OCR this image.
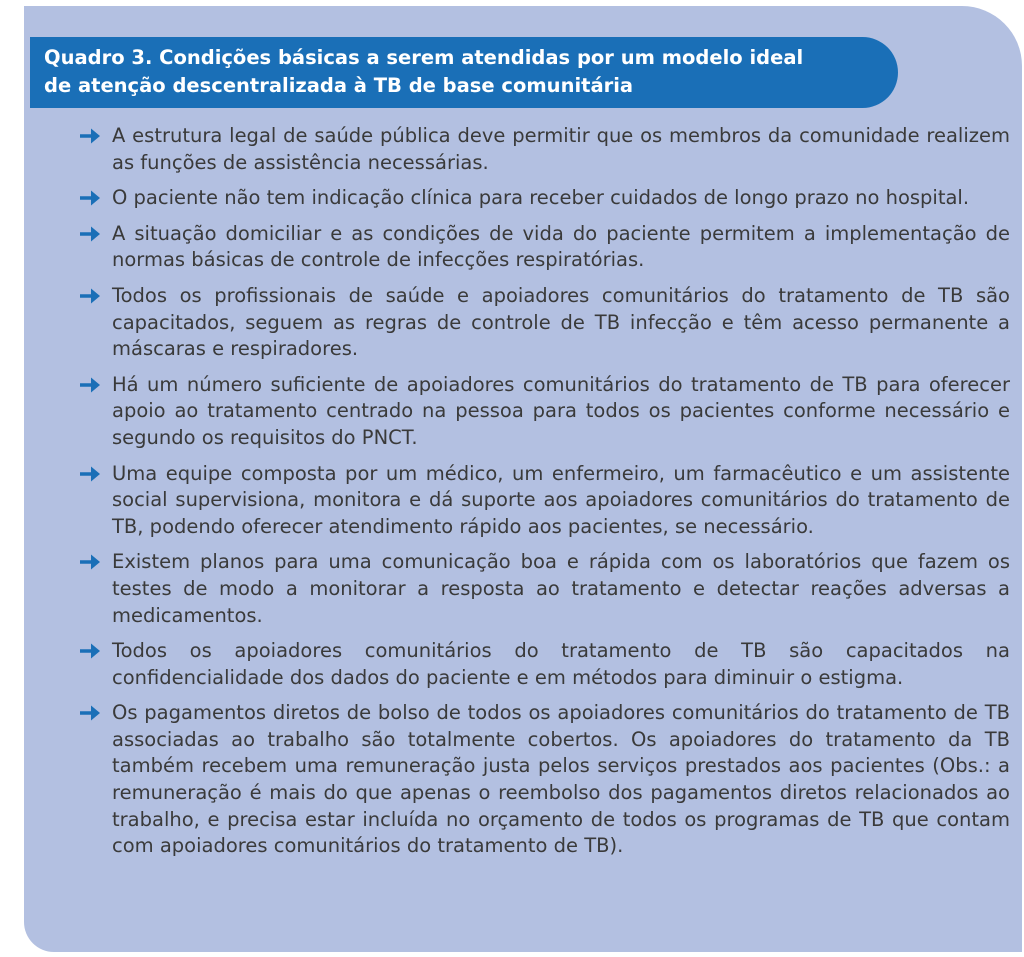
Quadro 3. Condições básicas a serem atendidas por um modelo ideal
de atenção descentralizada à TB de base comunitária
A estrutura legal de saúde pública deve permitir que os membros da comunidade realizem as funções de assistência necessárias.
O paciente não tem indicação clínica para receber cuidados de longo prazo no hospital.
A situação domiciliar e as condições de vida do paciente permitem a implementação de normas básicas de controle de infecções respiratórias.
Todos os profissionais de saúde e apoiadores comunitários do tratamento de TB são capacitados, seguem as regras de controle de TB infecção e têm acesso permanente a máscaras e respiradores.
Há um número suficiente de apoiadores comunitários do tratamento de TB para oferecer apoio ao tratamento centrado na pessoa para todos os pacientes conforme necessário e segundo os requisitos do PNCT.
Uma equipe composta por um médico, um enfermeiro, um farmacêutico e um assistente social supervisiona, monitora e dá suporte aos apoiadores comunitários do tratamento de TB, podendo oferecer atendimento rápido aos pacientes, se necessário.
Existem planos para uma comunicação boa e rápida com os laboratórios que fazem os testes de modo a monitorar a resposta ao tratamento e detectar reações adversas a medicamentos.
Todos os apoiadores comunitários do tratamento de TB são capacitados na confidencialidade dos dados do paciente e em métodos para diminuir o estigma.
Os pagamentos diretos de bolso de todos os apoiadores comunitários do tratamento de TB associadas ao trabalho são totalmente cobertos. Os apoiadores do tratamento da TB também recebem uma remuneração justa pelos serviços prestados aos pacientes (Obs.: a remuneração é mais do que apenas o reembolso dos pagamentos diretos relacionados ao trabalho, e precisa estar incluída no orçamento de todos os programas de TB que contam com apoiadores comunitários do tratamento de TB).
